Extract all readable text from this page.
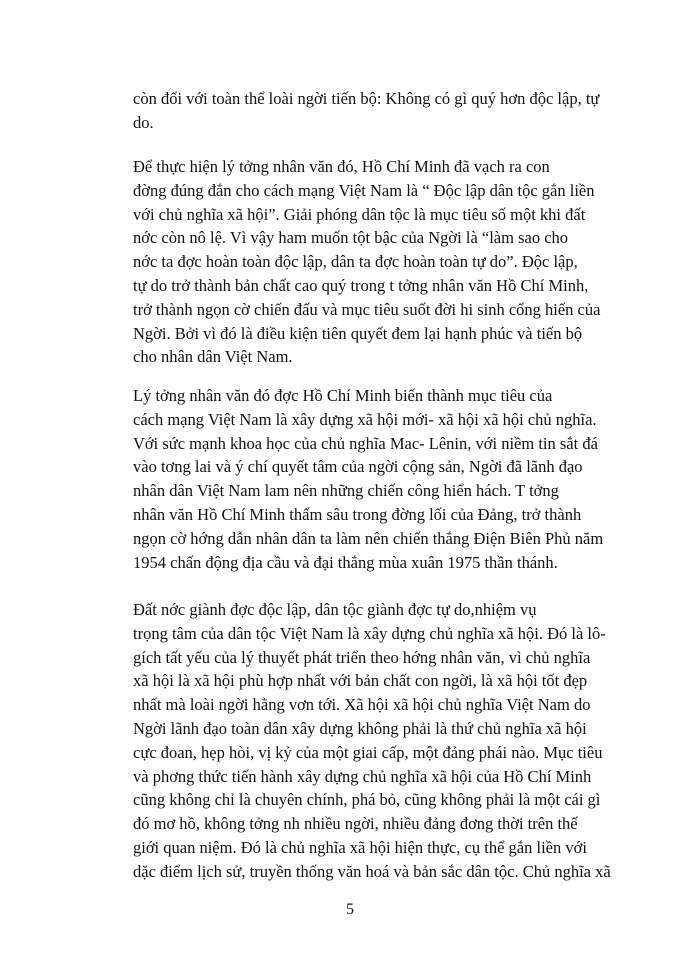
còn đối với toàn thể loài ngời tiến bộ: Không có gì quý hơn độc lập, tự
do.

Để thực hiện lý tởng nhân văn đó, Hồ Chí Minh đã vạch ra con
đờng đúng đắn cho cách mạng Việt Nam là “ Độc lập dân tộc gắn liền
với chủ nghĩa xã hội”. Giải phóng dân tộc là mục tiêu số một khi đất
nớc còn nô lệ. Vì vậy ham muốn tột bậc của Ngời là “làm sao cho
nớc ta đợc hoàn toàn độc lập, dân ta đợc hoàn toàn tự do”. Độc lập,
tự do trở thành bản chất cao quý trong t tởng nhân văn Hồ Chí Minh,
trở thành ngọn cờ chiến đấu và mục tiêu suốt đời hi sinh cống hiến của
Ngời. Bởi vì đó là điều kiện tiên quyết đem lại hạnh phúc và tiến bộ
cho nhân dân Việt Nam.

Lý tởng nhân văn đó đợc Hồ Chí Minh biến thành mục tiêu của
cách mạng Việt Nam là xây dựng xã hội mới- xã hội xã hội chủ nghĩa.
Với sức mạnh khoa học của chủ nghĩa Mac- Lênin, với niềm tin sắt đá
vào tơng lai và ý chí quyết tâm của ngời cộng sản, Ngời đã lãnh đạo
nhân dân Việt Nam lam nên những chiến công hiển hách. T tởng
nhân văn Hồ Chí Minh thấm sâu trong đờng lối của Đảng, trở thành
ngọn cờ hớng dẫn nhân dân ta làm nên chiến thắng Điện Biên Phủ năm
1954 chấn động địa cầu và đại thắng mùa xuân 1975 thần thánh.

Đất nớc giành đợc độc lập, dân tộc giành đợc tự do,nhiệm vụ
trọng tâm của dân tộc Việt Nam là xây dựng chủ nghĩa xã hội. Đó là lô-
gích tất yếu của lý thuyết phát triển theo hớng nhân văn, vì chủ nghĩa
xã hội là xã hội phù hợp nhất với bản chất con ngời, là xã hội tốt đẹp
nhất mà loài ngời hằng vơn tới. Xã hội xã hội chủ nghĩa Việt Nam do
Ngời lãnh đạo toàn dân xây dựng không phải là thứ chủ nghĩa xã hội
cực đoan, hẹp hòi, vị kỷ của một giai cấp, một đảng phái nào. Mục tiêu
và phơng thức tiến hành xây dựng chủ nghĩa xã hội của Hồ Chí Minh
cũng không chỉ là chuyên chính, phá bỏ, cũng không phải là một cái gì
đó mơ hồ, không tởng nh nhiều ngời, nhiều đảng đơng thời trên thế
giới quan niệm. Đó là chủ nghĩa xã hội hiện thực, cụ thể gắn liền với
dặc điểm lịch sử, truyền thống văn hoá và bản sắc dân tộc. Chủ nghĩa xã

5
